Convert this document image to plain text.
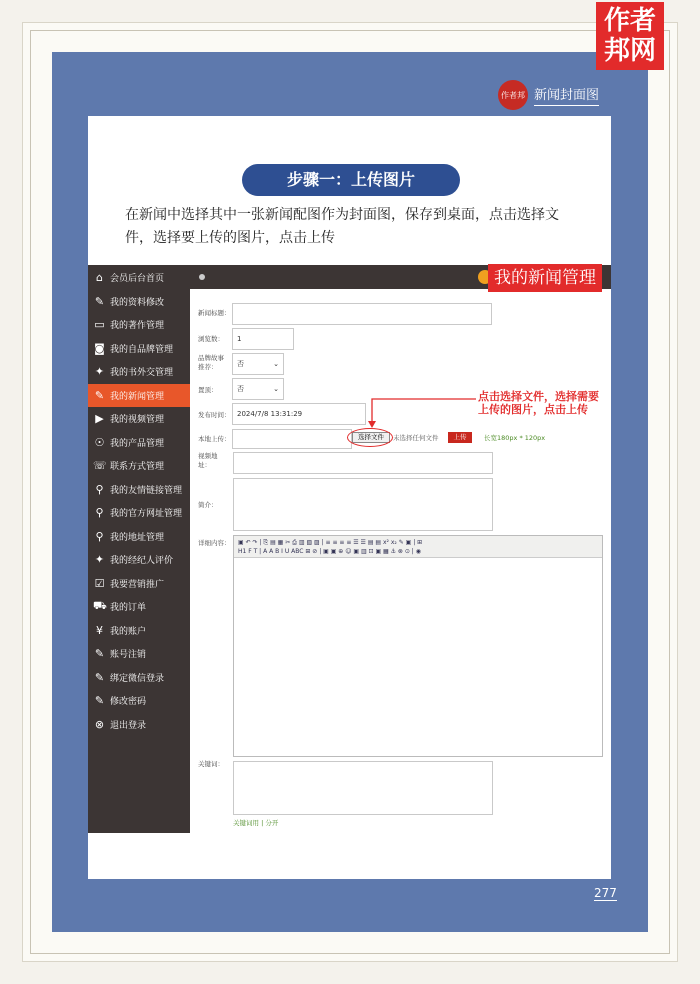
作者邦网
作者邦 新闻封面图
步骤一：上传图片
在新闻中选择其中一张新闻配图作为封面图，保存到桌面，点击选择文件，选择要上传的图片，点击上传
⌂ 会员后台首页
✎ 我的资料修改
▭ 我的著作管理
◙ 我的自品牌管理
✦ 我的书外交管理
✎ 我的新闻管理
▶ 我的视频管理
☉ 我的产品管理
☏ 联系方式管理
⚲ 我的友情链接管理
⚲ 我的官方网址管理
⚲ 我的地址管理
✦ 我的经纪人评价
☑ 我要营销推广
⛟ 我的订单
¥ 我的账户
✎ 账号注销
✎ 绑定微信登录
✎ 修改密码
⊗ 退出登录
我的新闻管理
新闻标题：
浏览数： 1
品牌故事推荐：	否	⌄
置顶：	否	⌄
发布时间： 2024/7/8 13:31:29
本地上传：	选择文件	未选择任何文件	上传	长宽180px * 120px
点击选择文件，选择需要上传的图片，点击上传
视频地址：
简介：
详细内容： ▣ ↶ ↷ | ⎘ ▤ ▦ ✂ ⎙ ▥ ▧ ▨ | ≡ ≡ ≡ ≡ ☰ ☰ ▤ ▤ x² x₂ ✎ ▣ | ⊞
H1 F T | A A B I U ABC ⊞ ⊘ | ▣ ▣ ⊕ ☺ ▣ ▥ ⊡ ▣ ▦ ⚓ ⊗ ⊙ | ◉
关键词：
关键词用 | 分开
277
